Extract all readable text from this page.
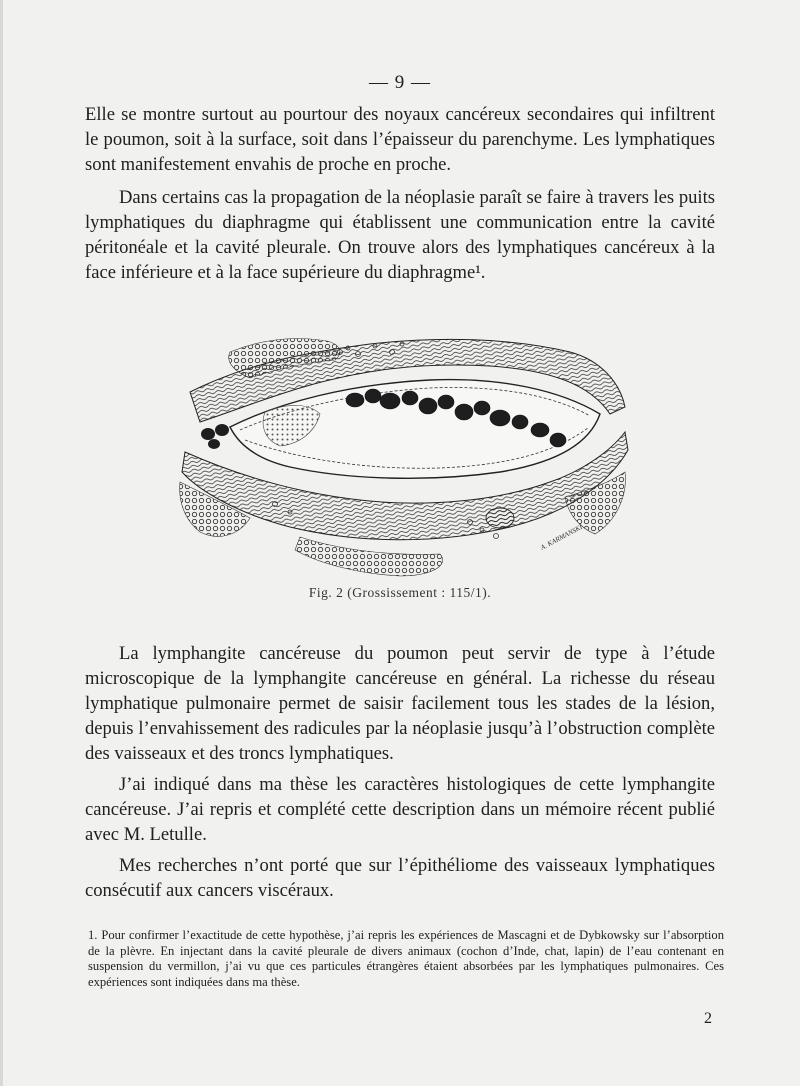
— 9 —

Elle se montre surtout au pourtour des noyaux cancéreux secondaires qui infiltrent le poumon, soit à la surface, soit dans l’épaisseur du parenchyme. Les lymphatiques sont manifestement envahis de proche en proche.

Dans certains cas la propagation de la néoplasie paraît se faire à travers les puits lymphatiques du diaphragme qui établissent une communication entre la cavité péritonéale et la cavité pleurale. On trouve alors des lymphatiques cancéreux à la face inférieure et à la face supérieure du diaphragme¹.

A. KARMANSKI
Fig. 2 (Grossissement : 115/1).

La lymphangite cancéreuse du poumon peut servir de type à l’étude microscopique de la lymphangite cancéreuse en général. La richesse du réseau lymphatique pulmonaire permet de saisir facilement tous les stades de la lésion, depuis l’envahissement des radicules par la néoplasie jusqu’à l’obstruction complète des vaisseaux et des troncs lymphatiques.

J’ai indiqué dans ma thèse les caractères histologiques de cette lymphangite cancéreuse. J’ai repris et complété cette description dans un mémoire récent publié avec M. Letulle.

Mes recherches n’ont porté que sur l’épithéliome des vaisseaux lymphatiques consécutif aux cancers viscéraux.

1. Pour confirmer l’exactitude de cette hypothèse, j’ai repris les expériences de Mascagni et de Dybkowsky sur l’absorption de la plèvre. En injectant dans la cavité pleurale de divers animaux (cochon d’Inde, chat, lapin) de l’eau contenant en suspension du vermillon, j’ai vu que ces particules étrangères étaient absorbées par les lymphatiques pulmonaires. Ces expériences sont indiquées dans ma thèse.

2
